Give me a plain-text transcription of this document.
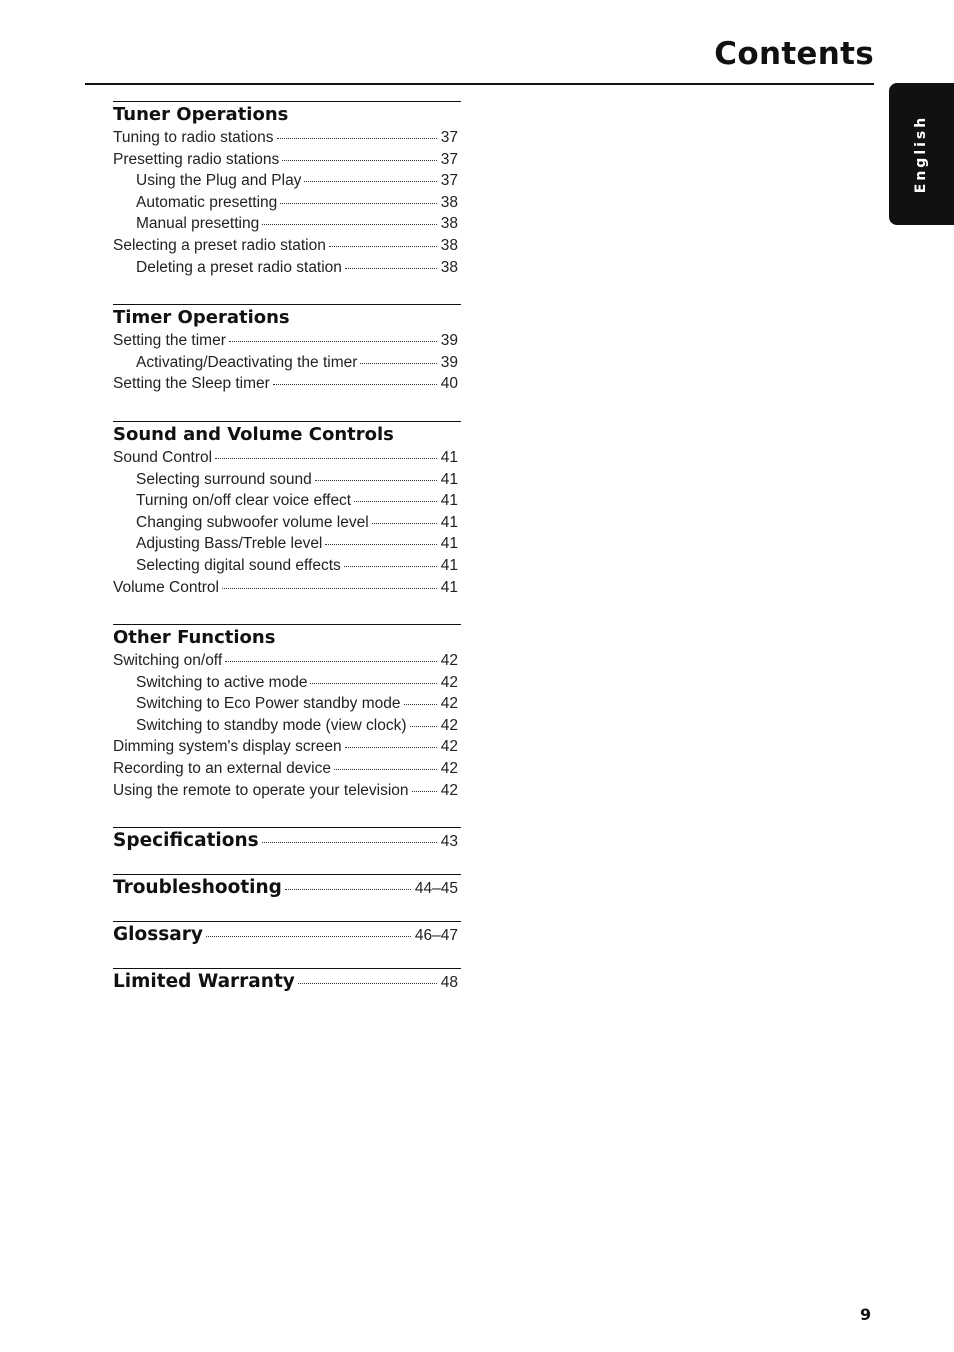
Contents
English
Tuner Operations
Tuning to radio stations	37
Presetting radio stations	37
Using the Plug and Play	37
Automatic presetting	38
Manual presetting	38
Selecting a preset radio station	38
Deleting a preset radio station	38
Timer Operations
Setting the timer	39
Activating/Deactivating the timer	39
Setting the Sleep timer	40
Sound and Volume Controls
Sound Control	41
Selecting surround sound	41
Turning on/off clear voice effect	41
Changing subwoofer volume level	41
Adjusting Bass/Treble level	41
Selecting digital sound effects	41
Volume Control	41
Other Functions
Switching on/off	42
Switching to active mode	42
Switching to Eco Power standby mode	42
Switching to standby mode (view clock) 42
Dimming system's display screen	42
Recording to an external device	42
Using the remote to operate your television 42
Specifications	43
Troubleshooting	44–45
Glossary	46–47
Limited Warranty	48
9
